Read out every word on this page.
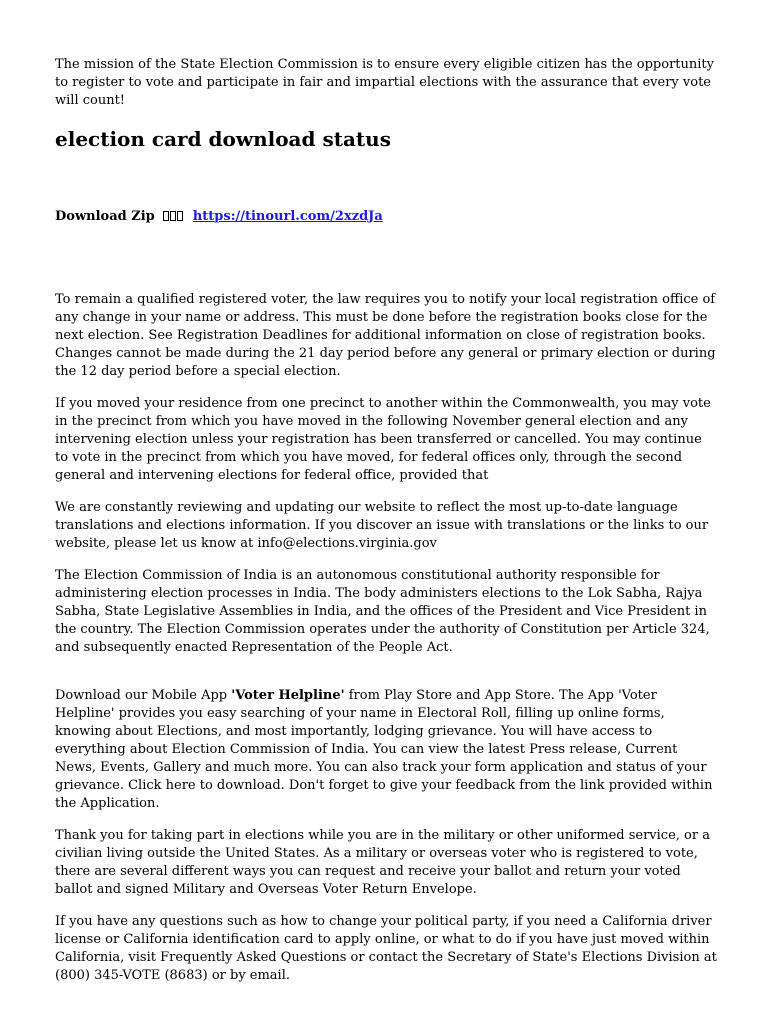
The mission of the State Election Commission is to ensure every eligible citizen has the opportunity to register to vote and participate in fair and impartial elections with the assurance that every vote will count!

election card download status
Download Zip	https://tinourl.com/2xzdJa

To remain a qualified registered voter, the law requires you to notify your local registration office of any change in your name or address. This must be done before the registration books close for the next election. See Registration Deadlines for additional information on close of registration books. Changes cannot be made during the 21 day period before any general or primary election or during the 12 day period before a special election.

If you moved your residence from one precinct to another within the Commonwealth, you may vote in the precinct from which you have moved in the following November general election and any intervening election unless your registration has been transferred or cancelled. You may continue to vote in the precinct from which you have moved, for federal offices only, through the second general and intervening elections for federal office, provided that

We are constantly reviewing and updating our website to reflect the most up-to-date language translations and elections information. If you discover an issue with translations or the links to our website, please let us know at info@elections.virginia.gov

The Election Commission of India is an autonomous constitutional authority responsible for administering election processes in India. The body administers elections to the Lok Sabha, Rajya Sabha, State Legislative Assemblies in India, and the offices of the President and Vice President in the country. The Election Commission operates under the authority of Constitution per Article 324, and subsequently enacted Representation of the People Act.

Download our Mobile App 'Voter Helpline' from Play Store and App Store. The App 'Voter Helpline' provides you easy searching of your name in Electoral Roll, filling up online forms, knowing about Elections, and most importantly, lodging grievance. You will have access to everything about Election Commission of India. You can view the latest Press release, Current News, Events, Gallery and much more. You can also track your form application and status of your grievance. Click here to download. Don't forget to give your feedback from the link provided within the Application.

Thank you for taking part in elections while you are in the military or other uniformed service, or a civilian living outside the United States. As a military or overseas voter who is registered to vote, there are several different ways you can request and receive your ballot and return your voted ballot and signed Military and Overseas Voter Return Envelope.

If you have any questions such as how to change your political party, if you need a California driver license or California identification card to apply online, or what to do if you have just moved within California, visit Frequently Asked Questions or contact the Secretary of State's Elections Division at (800) 345-VOTE (8683) or by email.
